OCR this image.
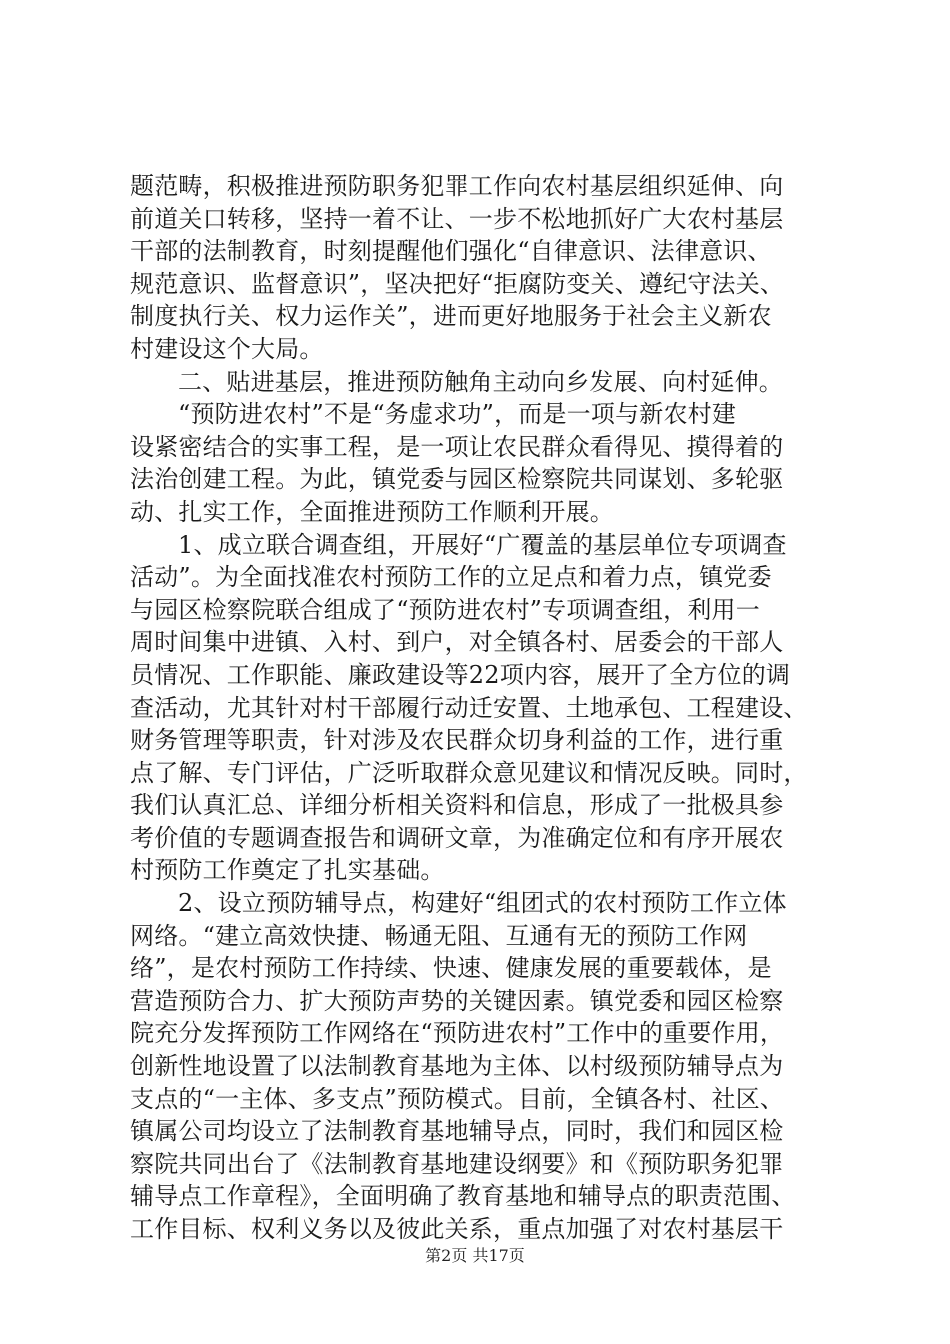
题范畴，积极推进预防职务犯罪工作向农村基层组织延伸、向
前道关口转移，坚持一着不让、一步不松地抓好广大农村基层
干部的法制教育，时刻提醒他们强化“自律意识、法律意识、
规范意识、监督意识”，坚决把好“拒腐防变关、遵纪守法关、
制度执行关、权力运作关”，进而更好地服务于社会主义新农
村建设这个大局。
二、贴进基层，推进预防触角主动向乡发展、向村延伸。
“预防进农村”不是“务虚求功”，而是一项与新农村建
设紧密结合的实事工程，是一项让农民群众看得见、摸得着的
法治创建工程。为此，镇党委与园区检察院共同谋划、多轮驱
动、扎实工作，全面推进预防工作顺利开展。
1、成立联合调查组，开展好“广覆盖的基层单位专项调查
活动”。为全面找准农村预防工作的立足点和着力点，镇党委
与园区检察院联合组成了“预防进农村”专项调查组，利用一
周时间集中进镇、入村、到户，对全镇各村、居委会的干部人
员情况、工作职能、廉政建设等22项内容，展开了全方位的调
查活动，尤其针对村干部履行动迁安置、土地承包、工程建设、
财务管理等职责，针对涉及农民群众切身利益的工作，进行重
点了解、专门评估，广泛听取群众意见建议和情况反映。同时，
我们认真汇总、详细分析相关资料和信息，形成了一批极具参
考价值的专题调查报告和调研文章，为准确定位和有序开展农
村预防工作奠定了扎实基础。
2、设立预防辅导点，构建好“组团式的农村预防工作立体
网络。“建立高效快捷、畅通无阻、互通有无的预防工作网
络”，是农村预防工作持续、快速、健康发展的重要载体，是
营造预防合力、扩大预防声势的关键因素。镇党委和园区检察
院充分发挥预防工作网络在“预防进农村”工作中的重要作用，
创新性地设置了以法制教育基地为主体、以村级预防辅导点为
支点的“一主体、多支点”预防模式。目前，全镇各村、社区、
镇属公司均设立了法制教育基地辅导点，同时，我们和园区检
察院共同出台了《法制教育基地建设纲要》和《预防职务犯罪
辅导点工作章程》，全面明确了教育基地和辅导点的职责范围、
工作目标、权利义务以及彼此关系，重点加强了对农村基层干
第2页 共17页
